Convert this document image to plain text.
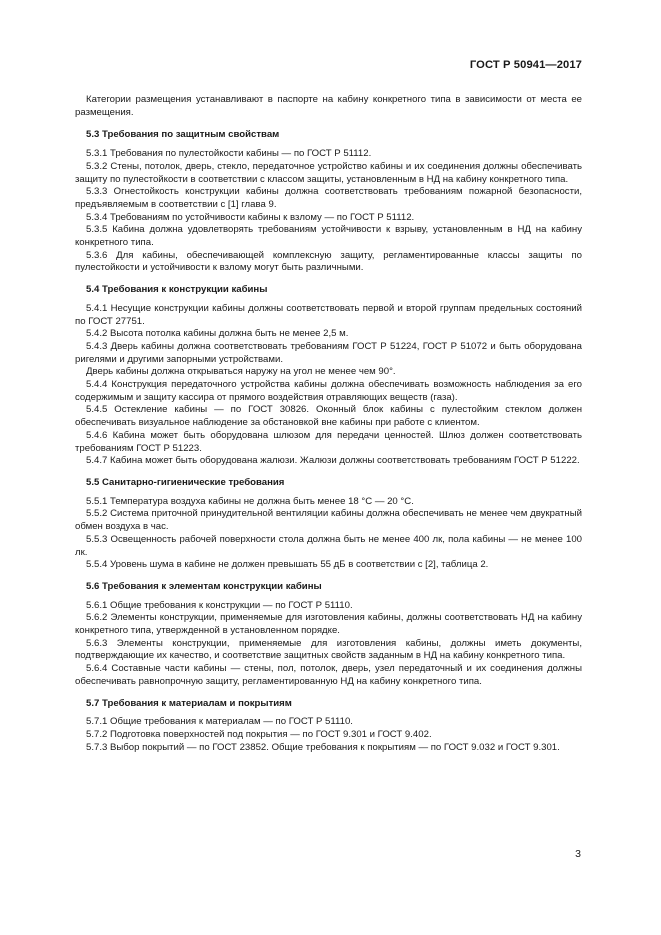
ГОСТ Р 50941—2017

Категории размещения устанавливают в паспорте на кабину конкретного типа в зависимости от места ее размещения.

5.3 Требования по защитным свойствам

5.3.1 Требования по пулестойкости кабины — по ГОСТ Р 51112.

5.3.2 Стены, потолок, дверь, стекло, передаточное устройство кабины и их соединения должны обеспечивать защиту по пулестойкости в соответствии с классом защиты, установленным в НД на кабину конкретного типа.

5.3.3 Огнестойкость конструкции кабины должна соответствовать требованиям пожарной безопасности, предъявляемым в соответствии с [1] глава 9.

5.3.4 Требованиям по устойчивости кабины к взлому — по ГОСТ Р 51112.

5.3.5 Кабина должна удовлетворять требованиям устойчивости к взрыву, установленным в НД на кабину конкретного типа.

5.3.6 Для кабины, обеспечивающей комплексную защиту, регламентированные классы защиты по пулестойкости и устойчивости к взлому могут быть различными.

5.4 Требования к конструкции кабины

5.4.1 Несущие конструкции кабины должны соответствовать первой и второй группам предельных состояний по ГОСТ 27751.

5.4.2 Высота потолка кабины должна быть не менее 2,5 м.

5.4.3 Дверь кабины должна соответствовать требованиям ГОСТ Р 51224, ГОСТ Р 51072 и быть оборудована ригелями и другими запорными устройствами.

Дверь кабины должна открываться наружу на угол не менее чем 90°.

5.4.4 Конструкция передаточного устройства кабины должна обеспечивать возможность наблюдения за его содержимым и защиту кассира от прямого воздействия отравляющих веществ (газа).

5.4.5 Остекление кабины — по ГОСТ 30826. Оконный блок кабины с пулестойким стеклом должен обеспечивать визуальное наблюдение за обстановкой вне кабины при работе с клиентом.

5.4.6 Кабина может быть оборудована шлюзом для передачи ценностей. Шлюз должен соответствовать требованиям ГОСТ Р 51223.

5.4.7 Кабина может быть оборудована жалюзи. Жалюзи должны соответствовать требованиям ГОСТ Р 51222.

5.5 Санитарно-гигиенические требования

5.5.1 Температура воздуха кабины не должна быть менее 18 °С — 20 °С.

5.5.2 Система приточной принудительной вентиляции кабины должна обеспечивать не менее чем двукратный обмен воздуха в час.

5.5.3 Освещенность рабочей поверхности стола должна быть не менее 400 лк, пола кабины — не менее 100 лк.

5.5.4 Уровень шума в кабине не должен превышать 55 дБ в соответствии с [2], таблица 2.

5.6 Требования к элементам конструкции кабины

5.6.1 Общие требования к конструкции — по ГОСТ Р 51110.

5.6.2 Элементы конструкции, применяемые для изготовления кабины, должны соответствовать НД на кабину конкретного типа, утвержденной в установленном порядке.

5.6.3 Элементы конструкции, применяемые для изготовления кабины, должны иметь документы, подтверждающие их качество, и соответствие защитных свойств заданным в НД на кабину конкретного типа.

5.6.4 Составные части кабины — стены, пол, потолок, дверь, узел передаточный и их соединения должны обеспечивать равнопрочную защиту, регламентированную НД на кабину конкретного типа.

5.7 Требования к материалам и покрытиям

5.7.1 Общие требования к материалам — по ГОСТ Р 51110.

5.7.2 Подготовка поверхностей под покрытия — по ГОСТ 9.301 и ГОСТ 9.402.

5.7.3 Выбор покрытий — по ГОСТ 23852. Общие требования к покрытиям — по ГОСТ 9.032 и ГОСТ 9.301.

3
